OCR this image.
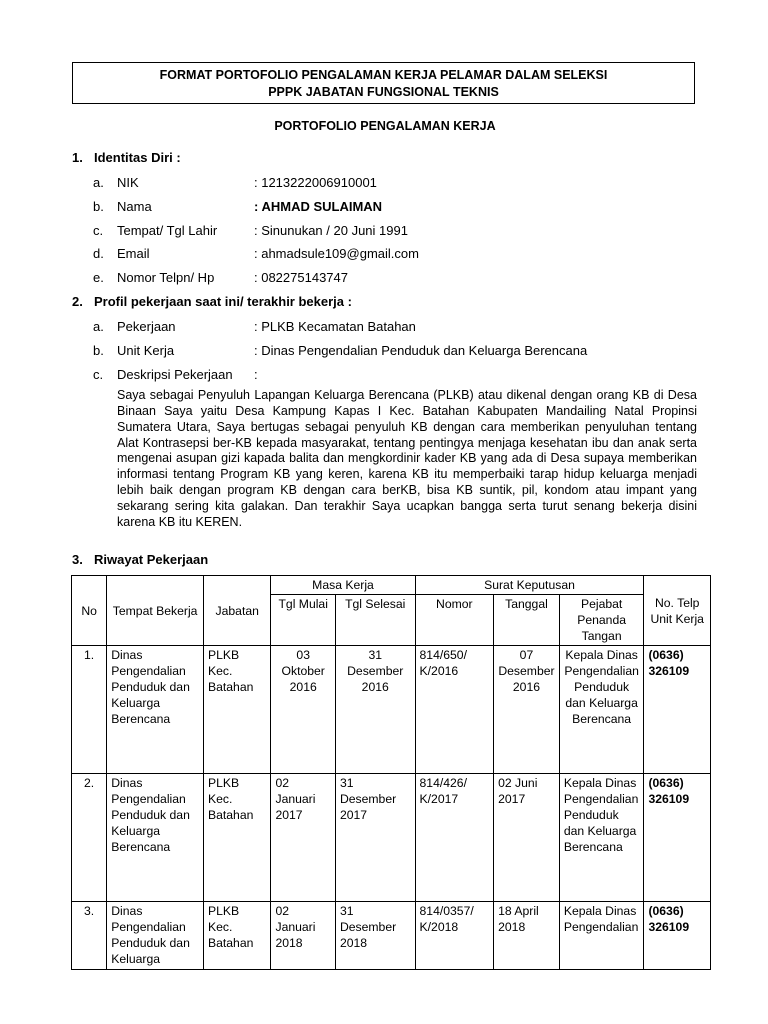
FORMAT PORTOFOLIO PENGALAMAN KERJA PELAMAR DALAM SELEKSI
PPPK JABATAN FUNGSIONAL TEKNIS
PORTOFOLIO PENGALAMAN KERJA
1. Identitas Diri :
a. NIK	: 1213222006910001
b. Nama	: AHMAD SULAIMAN
c. Tempat/ Tgl Lahir	: Sinunukan / 20 Juni 1991
d. Email	: ahmadsule109@gmail.com
e. Nomor Telpn/ Hp	: 082275143747
2. Profil pekerjaan saat ini/ terakhir bekerja :
a. Pekerjaan	: PLKB Kecamatan Batahan
b. Unit Kerja	: Dinas Pengendalian Penduduk dan Keluarga Berencana
c. Deskripsi Pekerjaan :
Saya sebagai Penyuluh Lapangan Keluarga Berencana (PLKB) atau dikenal dengan orang KB di Desa Binaan Saya yaitu Desa Kampung Kapas I Kec. Batahan Kabupaten Mandailing Natal Propinsi Sumatera Utara, Saya bertugas sebagai penyuluh KB dengan cara memberikan penyuluhan tentang Alat Kontrasepsi ber-KB kepada masyarakat, tentang pentingya menjaga kesehatan ibu dan anak serta mengenai asupan gizi kapada balita dan mengkordinir kader KB yang ada di Desa supaya memberikan informasi tentang Program KB yang keren, karena KB itu memperbaiki tarap hidup keluarga menjadi lebih baik dengan program KB dengan cara berKB, bisa KB suntik, pil, kondom atau impant yang sekarang sering kita galakan. Dan terakhir Saya ucapkan bangga serta turut senang bekerja disini karena KB itu KEREN.
3. Riwayat Pekerjaan
No	Tempat Bekerja	Jabatan	Masa Kerja		Surat Keputusan			No. Telp Unit Kerja
			Tgl Mulai	Tgl Selesai	Nomor	Tanggal	Pejabat Penanda Tangan	
1.	Dinas Pengendalian Penduduk dan Keluarga Berencana	PLKB Kec. Batahan	03 Oktober 2016	31 Desember 2016	814/650/ K/2016	07 Desember 2016	Kepala Dinas Pengendalian Penduduk dan Keluarga Berencana	(0636) 326109
2.	Dinas Pengendalian Penduduk dan Keluarga Berencana	PLKB Kec. Batahan	02 Januari 2017	31 Desember 2017	814/426/ K/2017	02 Juni 2017	Kepala Dinas Pengendalian Penduduk dan Keluarga Berencana	(0636) 326109
3.	Dinas Pengendalian Penduduk dan Keluarga	PLKB Kec. Batahan	02 Januari 2018	31 Desember 2018	814/0357/ K/2018	18 April 2018	Kepala Dinas Pengendalian	(0636) 326109
